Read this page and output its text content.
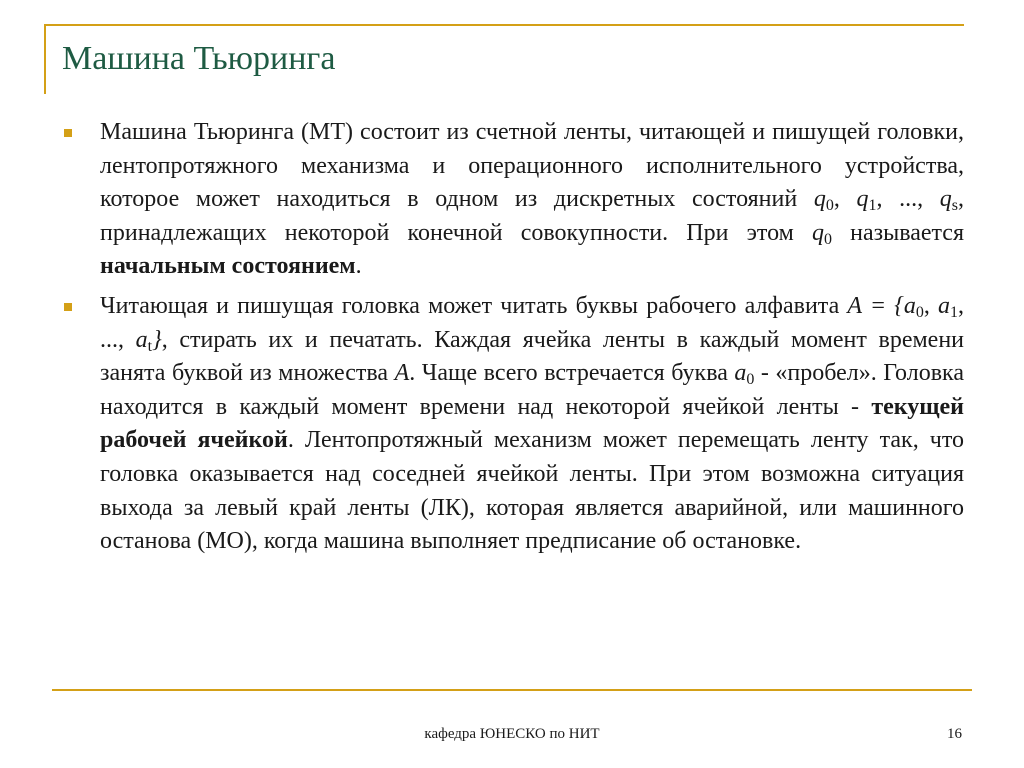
Машина Тьюринга
Машина Тьюринга (МТ) состоит из счетной ленты, читающей и пишущей головки, лентопротяжного механизма и операционного исполнительного устройства, которое может находиться в одном из дискретных состояний $q_0$, $q_1$, ..., $q_s$, принадлежащих некоторой конечной совокупности. При этом $q_0$ называется начальным состоянием.
Читающая и пишущая головка может читать буквы рабочего алфавита $A = \{a_0$, $a_1$, ..., $a_t$}, стирать их и печатать. Каждая ячейка ленты в каждый момент времени занята буквой из множества A. Чаще всего встречается буква $a_0$ - «пробел». Головка находится в каждый момент времени над некоторой ячейкой ленты - текущей рабочей ячейкой. Лентопротяжный механизм может перемещать ленту так, что головка оказывается над соседней ячейкой ленты. При этом возможна ситуация выхода за левый край ленты (ЛК), которая является аварийной, или машинного останова (МО), когда машина выполняет предписание об остановке.
кафедра ЮНЕСКО по НИТ	16
